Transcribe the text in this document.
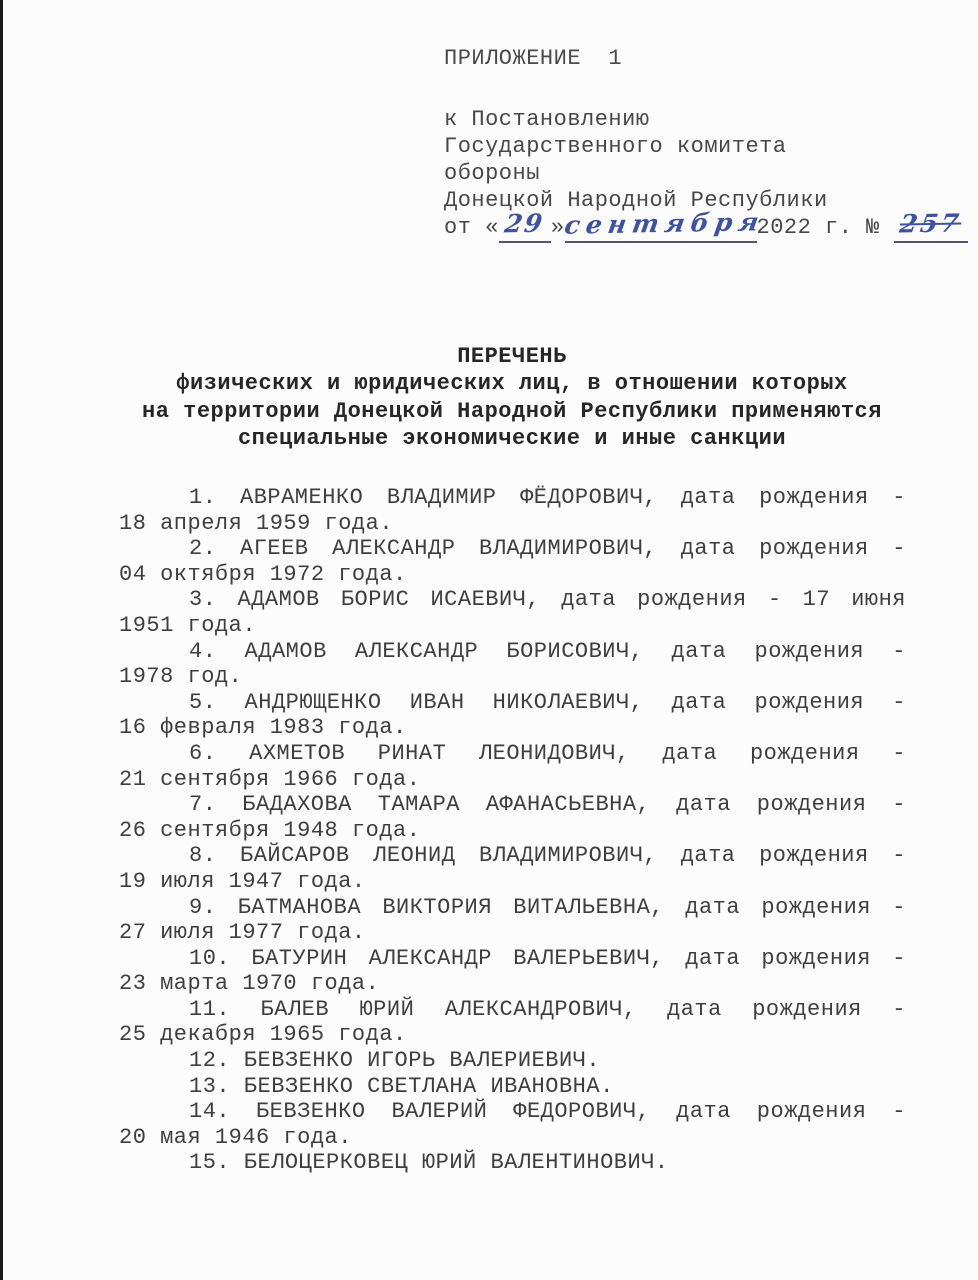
ПРИЛОЖЕНИЕ  1
к Постановлению
Государственного комитета
обороны
Донецкой Народной Республики
от « 29 »сентября2022 г. № 257
ПЕРЕЧЕНЬ
физических и юридических лиц, в отношении которых
на территории Донецкой Народной Республики применяются
специальные экономические и иные санкции
1. АВРАМЕНКО ВЛАДИМИР ФЁДОРОВИЧ, дата рождения -
18 апреля 1959 года.
2. АГЕЕВ АЛЕКСАНДР ВЛАДИМИРОВИЧ, дата рождения -
04 октября 1972 года.
3. АДАМОВ БОРИС ИСАЕВИЧ, дата рождения - 17 июня
1951 года.
4. АДАМОВ АЛЕКСАНДР БОРИСОВИЧ, дата рождения -
1978 год.
5. АНДРЮЩЕНКО ИВАН НИКОЛАЕВИЧ, дата рождения -
16 февраля 1983 года.
6. АХМЕТОВ РИНАТ ЛЕОНИДОВИЧ, дата рождения -
21 сентября 1966 года.
7. БАДАХОВА ТАМАРА АФАНАСЬЕВНА, дата рождения -
26 сентября 1948 года.
8. БАЙСАРОВ ЛЕОНИД ВЛАДИМИРОВИЧ, дата рождения -
19 июля 1947 года.
9. БАТМАНОВА ВИКТОРИЯ ВИТАЛЬЕВНА, дата рождения -
27 июля 1977 года.
10. БАТУРИН АЛЕКСАНДР ВАЛЕРЬЕВИЧ, дата рождения -
23 марта 1970 года.
11. БАЛЕВ ЮРИЙ АЛЕКСАНДРОВИЧ, дата рождения -
25 декабря 1965 года.
12. БЕВЗЕНКО ИГОРЬ ВАЛЕРИЕВИЧ.
13. БЕВЗЕНКО СВЕТЛАНА ИВАНОВНА.
14. БЕВЗЕНКО ВАЛЕРИЙ ФЕДОРОВИЧ, дата рождения -
20 мая 1946 года.
15. БЕЛОЦЕРКОВЕЦ ЮРИЙ ВАЛЕНТИНОВИЧ.
